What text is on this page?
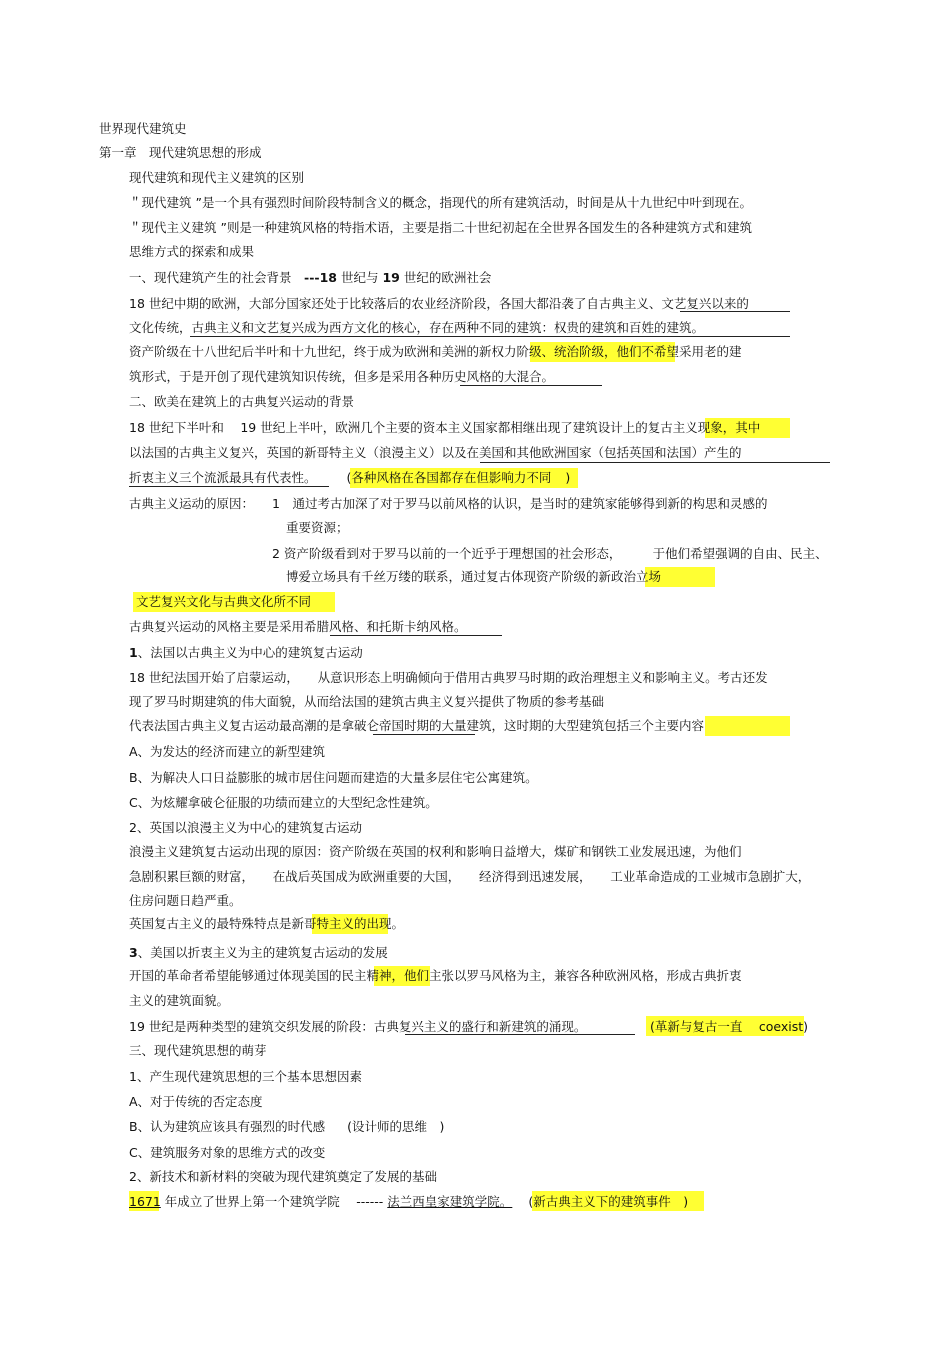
世界现代建筑史
第一章　现代建筑思想的形成
现代建筑和现代主义建筑的区别
＂现代建筑 ”是一个具有强烈时间阶段特制含义的概念，指现代的所有建筑活动，时间是从十九世纪中叶到现在。
＂现代主义建筑 ”则是一种建筑风格的特指术语，主要是指二十世纪初起在全世界各国发生的各种建筑方式和建筑
思维方式的探索和成果
一、现代建筑产生的社会背景　---18 世纪与 19 世纪的欧洲社会
18 世纪中期的欧洲，大部分国家还处于比较落后的农业经济阶段，各国大都沿袭了自古典主义、文艺复兴以来的
文化传统，古典主义和文艺复兴成为西方文化的核心，存在两种不同的建筑：权贵的建筑和百姓的建筑。
资产阶级在十八世纪后半叶和十九世纪，终于成为欧洲和美洲的新权力阶级、统治阶级，他们不希望采用老的建
筑形式，于是开创了现代建筑知识传统，但多是采用各种历史风格的大混合。
二、欧美在建筑上的古典复兴运动的背景
18 世纪下半叶和　 19 世纪上半叶，欧洲几个主要的资本主义国家都相继出现了建筑设计上的复古主义现象，其中
以法国的古典主义复兴，英国的新哥特主义（浪漫主义）以及在美国和其他欧洲国家（包括英国和法国）产生的
折衷主义三个流派最具有代表性。 (各种风格在各国都存在但影响力不同 )
古典主义运动的原因： 1　通过考古加深了对于罗马以前风格的认识，是当时的建筑家能够得到新的构思和灵感的
重要资源；
2 资产阶级看到对于罗马以前的一个近乎于理想国的社会形态，　　　于他们希望强调的自由、民主、
博爱立场具有千丝万缕的联系，通过复古体现资产阶级的新政治立场
文艺复兴文化与古典文化所不同
古典复兴运动的风格主要是采用希腊风格、和托斯卡纳风格。
1、法国以古典主义为中心的建筑复古运动
18 世纪法国开始了启蒙运动，　　从意识形态上明确倾向于借用古典罗马时期的政治理想主义和影响主义。考古还发
现了罗马时期建筑的伟大面貌，从而给法国的建筑古典主义复兴提供了物质的参考基础
代表法国古典主义复古运动最高潮的是拿破仑帝国时期的大量建筑，这时期的大型建筑包括三个主要内容
A、为发达的经济而建立的新型建筑
B、为解决人口日益膨胀的城市居住问题而建造的大量多层住宅公寓建筑。
C、为炫耀拿破仑征服的功绩而建立的大型纪念性建筑。
2、英国以浪漫主义为中心的建筑复古运动
浪漫主义建筑复古运动出现的原因：资产阶级在英国的权利和影响日益增大，煤矿和钢铁工业发展迅速，为他们
急剧积累巨额的财富，　　在战后英国成为欧洲重要的大国，　　经济得到迅速发展，　　工业革命造成的工业城市急剧扩大，
住房问题日趋严重。
英国复古主义的最特殊特点是新哥特主义的出现。
3、美国以折衷主义为主的建筑复古运动的发展
开国的革命者希望能够通过体现美国的民主精神，他们主张以罗马风格为主，兼容各种欧洲风格，形成古典折衷
主义的建筑面貌。
19 世纪是两种类型的建筑交织发展的阶段：古典复兴主义的盛行和新建筑的涌现。	(革新与复古一直　 coexist)
三、现代建筑思想的萌芽
1、产生现代建筑思想的三个基本思想因素
A、对于传统的否定态度
B、认为建筑应该具有强烈的时代感 (设计师的思维　)
C、建筑服务对象的思维方式的改变
2、新技术和新材料的突破为现代建筑奠定了发展的基础
1671 年成立了世界上第一个建筑学院　 ------ 法兰西皇家建筑学院。 (新古典主义下的建筑事件　)
